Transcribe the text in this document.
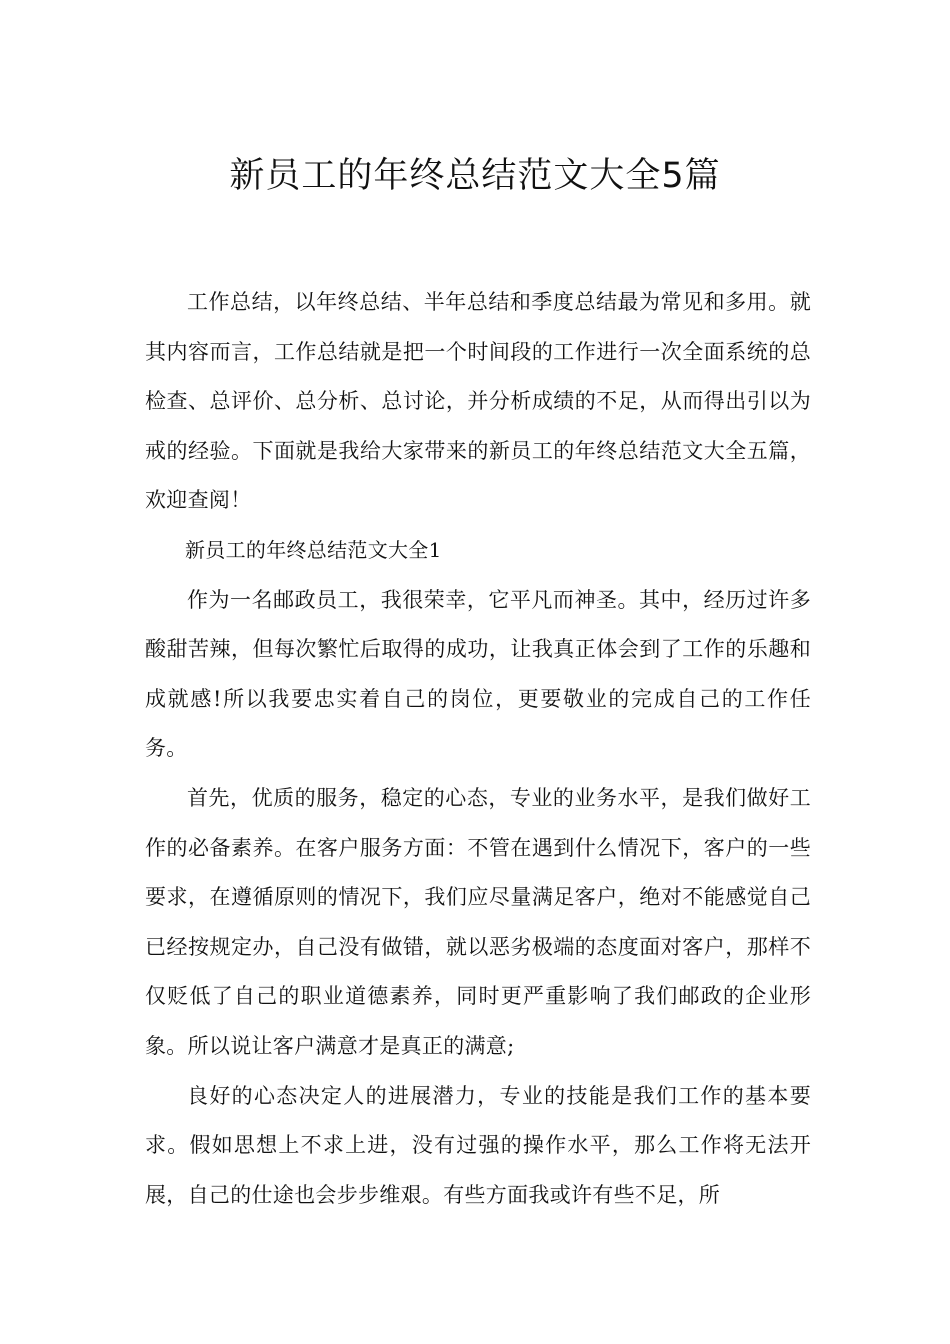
新员工的年终总结范文大全5篇

工作总结，以年终总结、半年总结和季度总结最为常见和多用。就其内容而言，工作总结就是把一个时间段的工作进行一次全面系统的总检查、总评价、总分析、总讨论，并分析成绩的不足，从而得出引以为戒的经验。下面就是我给大家带来的新员工的年终总结范文大全五篇，欢迎查阅！

新员工的年终总结范文大全1

作为一名邮政员工，我很荣幸，它平凡而神圣。其中，经历过许多酸甜苦辣，但每次繁忙后取得的成功，让我真正体会到了工作的乐趣和成就感!所以我要忠实着自己的岗位，更要敬业的完成自己的工作任务。

首先，优质的服务，稳定的心态，专业的业务水平，是我们做好工作的必备素养。在客户服务方面：不管在遇到什么情况下，客户的一些要求，在遵循原则的情况下，我们应尽量满足客户，绝对不能感觉自己已经按规定办，自己没有做错，就以恶劣极端的态度面对客户，那样不仅贬低了自己的职业道德素养，同时更严重影响了我们邮政的企业形象。所以说让客户满意才是真正的满意;

良好的心态决定人的进展潜力，专业的技能是我们工作的基本要求。假如思想上不求上进，没有过强的操作水平，那么工作将无法开展，自己的仕途也会步步维艰。有些方面我或许有些不足，所
